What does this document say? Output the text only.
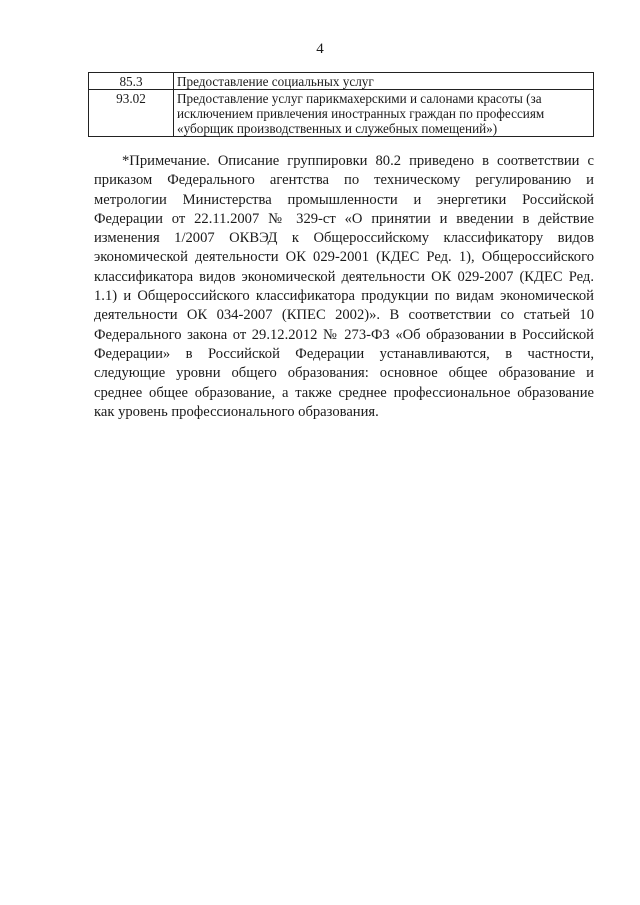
4
85.3	Предоставление социальных услуг
93.02	Предоставление услуг парикмахерскими и салонами красоты (за исключением привлечения иностранных граждан по профессиям «уборщик производственных и служебных помещений»)

*Примечание. Описание группировки 80.2 приведено в соответствии с приказом Федерального агентства по техническому регулированию и метрологии Министерства промышленности и энергетики Российской Федерации от 22.11.2007 № 329-ст «О принятии и введении в действие изменения 1/2007 ОКВЭД к Общероссийскому классификатору видов экономической деятельности ОК 029-2001 (КДЕС Ред. 1), Общероссийского классификатора видов экономической деятельности ОК 029-2007 (КДЕС Ред. 1.1) и Общероссийского классификатора продукции по видам экономической деятельности ОК 034-2007 (КПЕС 2002)». В соответствии со статьей 10 Федерального закона от 29.12.2012 № 273-ФЗ «Об образовании в Российской Федерации» в Российской Федерации устанавливаются, в частности, следующие уровни общего образования: основное общее образование и среднее общее образование, а также среднее профессиональное образование как уровень профессионального образования.
